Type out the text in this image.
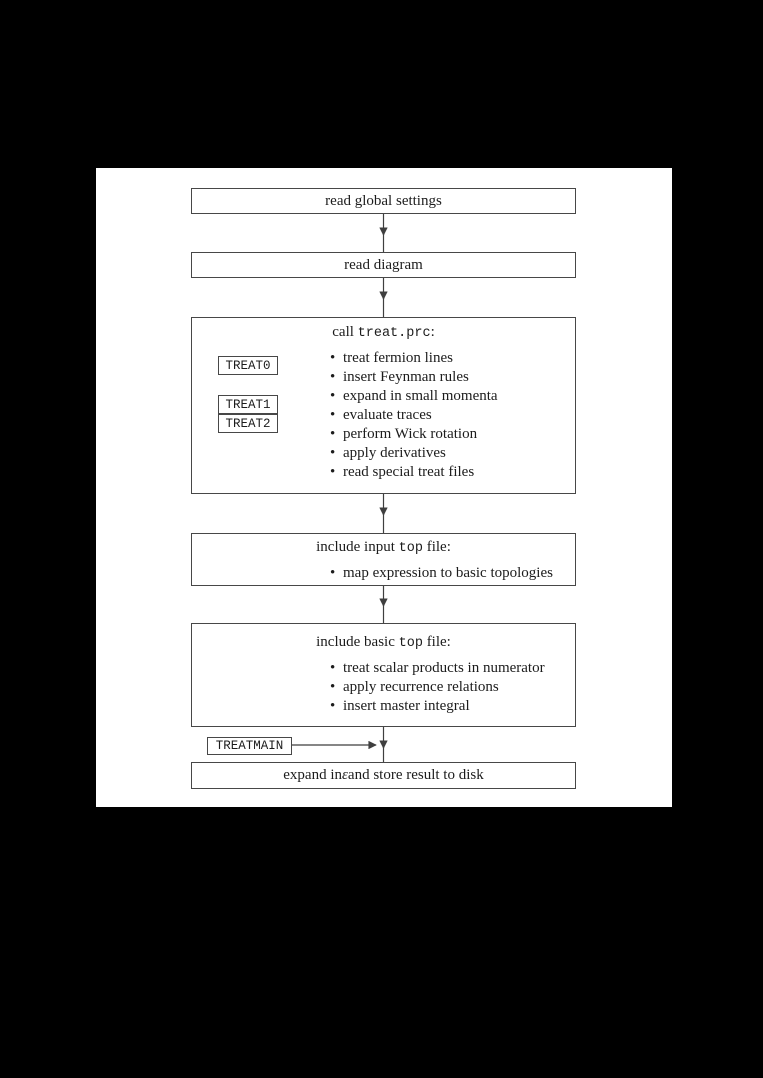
read global settings
read diagram
call treat.prc:
• treat fermion lines
• insert Feynman rules
• expand in small momenta
• evaluate traces
• perform Wick rotation
• apply derivatives
• read special treat files
TREAT0
TREAT1
TREAT2
include input top file:
• map expression to basic topologies
include basic top file:
• treat scalar products in numerator
• apply recurrence relations
• insert master integral
TREATMAIN
expand in ε and store result to disk
